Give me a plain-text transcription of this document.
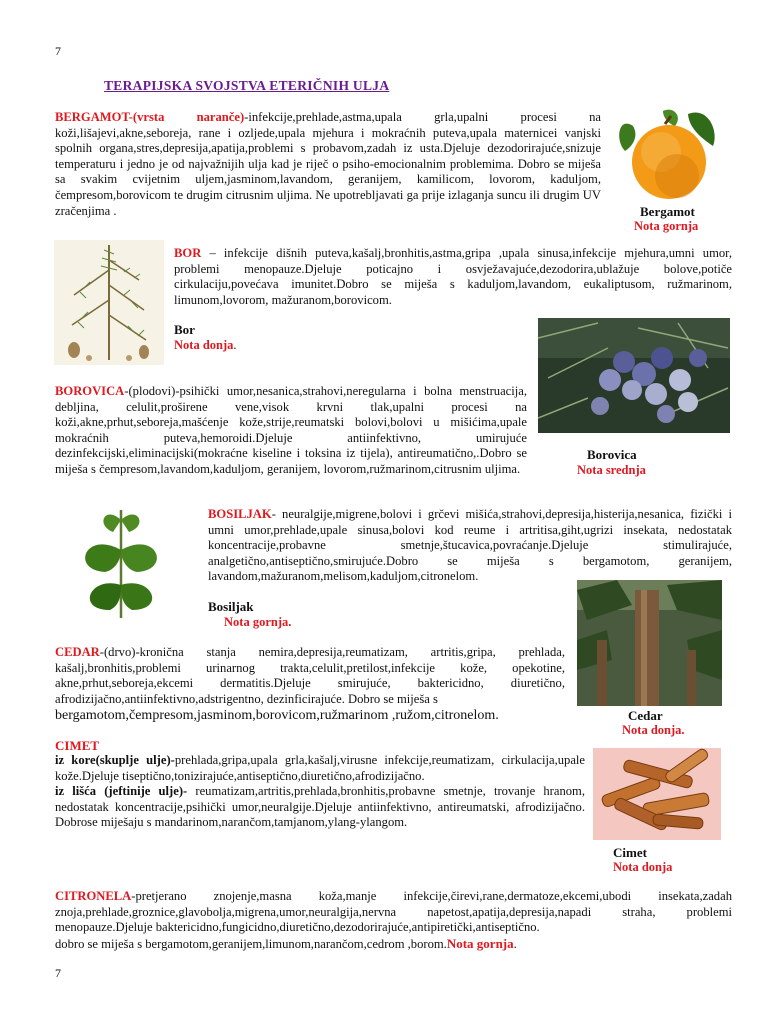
7
TERAPIJSKA SVOJSTVA ETERIČNIH ULJA
BERGAMOT-(vrsta naranče)-infekcije,prehlade,astma,upala grla,upalni procesi na koži,lišajevi,akne,seboreja, rane i ozljede,upala mjehura i mokraćnih puteva,upala maternicei vanjski spolnih organa,stres,depresija,apatija,problemi s probavom,zadah iz usta.Djeluje dezodorirajuće,snizuje temperaturu i jedno je od najvažnijih ulja kad je riječ o psiho-emocionalnim problemima. Dobro se miješa sa svakim cvijetnim uljem,jasminom,lavandom, geranijem, kamilicom, lovorom, kaduljom, čempresom,borovicom te drugim citrusnim uljima. Ne upotrebljavati ga prije izlaganja suncu ili drugim UV zračenjima .	Bergamot
Nota gornja
BOR – infekcije dišnih puteva,kašalj,bronhitis,astma,gripa ,upala sinusa,infekcije mjehura,umni umor, problemi menopauze.Djeluje poticajno i osvježavajuće,dezodorira,ublažuje bolove,potiče cirkulaciju,povećava imunitet.Dobro se miješa s kaduljom,lavandom, eukaliptusom, ružmarinom, limunom,lovorom, mažuranom,borovicom.
Bor
Nota donja.
BOROVICA-(plodovi)-psihički umor,nesanica,strahovi,neregularna i bolna menstruacija, debljina, celulit,proširene vene,visok krvni tlak,upalni procesi na koži,akne,prhut,seboreja,mašćenje kože,strije,reumatski bolovi,bolovi u mišićima,upale mokraćnih puteva,hemoroidi.Djeluje antiinfektivno, umirujuće dezinfekcijski,eliminacijski(mokraćne kiseline i toksina iz tijela), antireumatično,.Dobro se miješa s čempresom,lavandom,kaduljom, geranijem, lovorom,ružmarinom,citrusnim uljima.
Borovica
Nota srednja
BOSILJAK- neuralgije,migrene,bolovi i grčevi mišića,strahovi,depresija,histerija,nesanica, fizički i umni umor,prehlade,upale sinusa,bolovi kod reume i artritisa,giht,ugrizi insekata, nedostatak koncentracije,probavne smetnje,štucavica,povraćanje.Djeluje stimulirajuće, analgetično,antiseptično,smirujuće.Dobro se miješa s bergamotom, geranijem, lavandom,mažuranom,melisom,kaduljom,citronelom.
Bosiljak
Nota gornja.
CEDAR-(drvo)-kronična stanja nemira,depresija,reumatizam, artritis,gripa, prehlada, kašalj,bronhitis,problemi urinarnog trakta,celulit,pretilost,infekcije kože, opekotine, akne,prhut,seboreja,ekcemi dermatitis.Djeluje smirujuće, baktericidno, diuretično, afrodizijačno,antiinfektivno,adstrigentno, dezinficirajuće. Dobro se miješa s
bergamotom,čempresom,jasminom,borovicom,ružmarinom ,ružom,citronelom.	Cedar
Nota donja.
CIMET
iz kore(skuplje ulje)-prehlada,gripa,upala grla,kašalj,virusne infekcije,reumatizam, cirkulacija,upale kože.Djeluje tiseptično,tonizirajuće,antiseptično,diuretično,afrodizijačno.
iz lišća (jeftinije ulje)- reumatizam,artritis,prehlada,bronhitis,probavne smetnje, trovanje hranom, nedostatak koncentracije,psihički umor,neuralgije.Djeluje antiinfektivno, antireumatski, afrodizijačno. Dobrose miješaju s mandarinom,narančom,tamjanom,ylang-ylangom.
Cimet
Nota donja
CITRONELA-pretjerano znojenje,masna koža,manje infekcije,čirevi,rane,dermatoze,ekcemi,ubodi insekata,zadah znoja,prehlade,groznice,glavobolja,migrena,umor,neuralgija,nervna napetost,apatija,depresija,napadi straha, problemi menopauze.Djeluje baktericidno,fungicidno,diuretično,dezodorirajuće,antipiretički,antiseptično.
dobro se miješa s bergamotom,geranijem,limunom,narančom,cedrom ,borom.Nota gornja.
7
